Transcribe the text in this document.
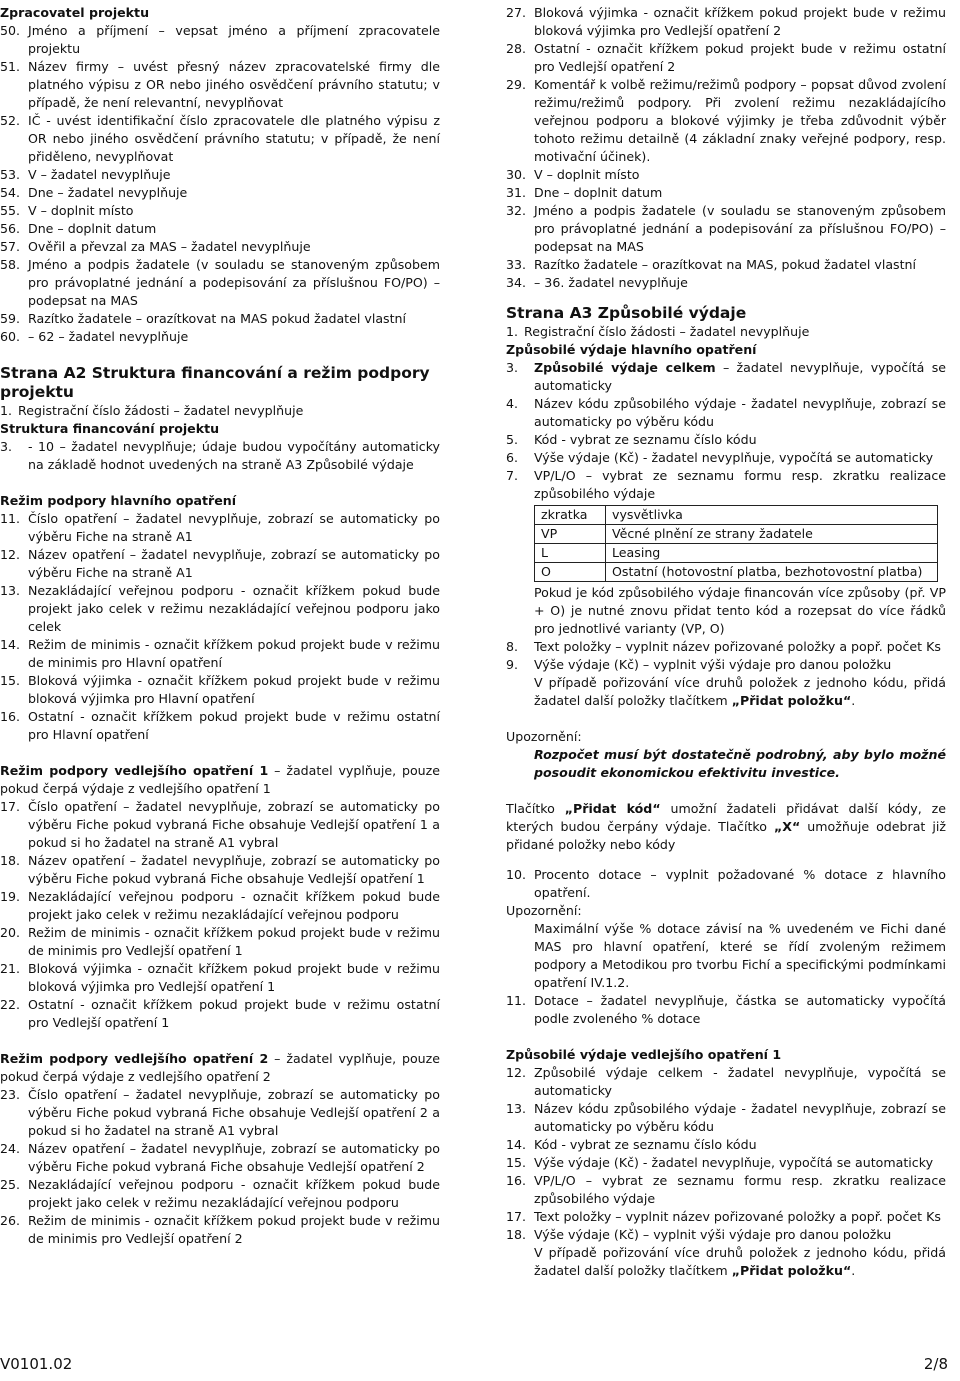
Zpracovatel projektu
50. Jméno a příjmení – vepsat jméno a příjmení zpracovatele projektu
51. Název firmy – uvést přesný název zpracovatelské firmy dle platného výpisu z OR nebo jiného osvědčení právního statutu; v případě, že není relevantní, nevyplňovat
52. IČ - uvést identifikační číslo zpracovatele dle platného výpisu z OR nebo jiného osvědčení právního statutu; v případě, že není přiděleno, nevyplňovat
53. V – žadatel nevyplňuje
54. Dne – žadatel nevyplňuje
55. V – doplnit místo
56. Dne – doplnit datum
57. Ověřil a převzal za MAS – žadatel nevyplňuje
58. Jméno a podpis žadatele (v souladu se stanoveným způsobem pro právoplatné jednání a podepisování za příslušnou FO/PO) – podepsat na MAS
59. Razítko žadatele – orazítkovat na MAS pokud žadatel vlastní
60. – 62 – žadatel nevyplňuje
Strana A2 Struktura financování a režim podpory projektu
1. Registrační číslo žádosti – žadatel nevyplňuje
Struktura financování projektu
3.	- 10 – žadatel nevyplňuje; údaje budou vypočítány automaticky na základě hodnot uvedených na straně A3 Způsobilé výdaje
Režim podpory hlavního opatření
11. Číslo opatření – žadatel nevyplňuje, zobrazí se automaticky po výběru Fiche na straně A1
12. Název opatření – žadatel nevyplňuje, zobrazí se automaticky po výběru Fiche na straně A1
13. Nezakládající veřejnou podporu - označit křížkem pokud bude projekt jako celek v režimu nezakládající veřejnou podporu jako celek
14. Režim de minimis - označit křížkem pokud projekt bude v režimu de minimis pro Hlavní opatření
15. Bloková výjimka - označit křížkem pokud projekt bude v režimu bloková výjimka pro Hlavní opatření
16. Ostatní - označit křížkem pokud projekt bude v režimu ostatní pro Hlavní opatření
Režim podpory vedlejšího opatření 1 – žadatel vyplňuje, pouze pokud čerpá výdaje z vedlejšího opatření 1
17. Číslo opatření – žadatel nevyplňuje, zobrazí se automaticky po výběru Fiche pokud vybraná Fiche obsahuje Vedlejší opatření 1 a pokud si ho žadatel na straně A1 vybral
18. Název opatření – žadatel nevyplňuje, zobrazí se automaticky po výběru Fiche pokud vybraná Fiche obsahuje Vedlejší opatření 1
19. Nezakládající veřejnou podporu - označit křížkem pokud bude projekt jako celek v režimu nezakládající veřejnou podporu
20. Režim de minimis - označit křížkem pokud projekt bude v režimu de minimis pro Vedlejší opatření 1
21. Bloková výjimka - označit křížkem pokud projekt bude v režimu bloková výjimka pro Vedlejší opatření 1
22. Ostatní - označit křížkem pokud projekt bude v režimu ostatní pro Vedlejší opatření 1
Režim podpory vedlejšího opatření 2 – žadatel vyplňuje, pouze pokud čerpá výdaje z vedlejšího opatření 2
23. Číslo opatření – žadatel nevyplňuje, zobrazí se automaticky po výběru Fiche pokud vybraná Fiche obsahuje Vedlejší opatření 2 a pokud si ho žadatel na straně A1 vybral
24. Název opatření – žadatel nevyplňuje, zobrazí se automaticky po výběru Fiche pokud vybraná Fiche obsahuje Vedlejší opatření 2
25. Nezakládající veřejnou podporu - označit křížkem pokud bude projekt jako celek v režimu nezakládající veřejnou podporu
26. Režim de minimis - označit křížkem pokud projekt bude v režimu de minimis pro Vedlejší opatření 2
27. Bloková výjimka - označit křížkem pokud projekt bude v režimu bloková výjimka pro Vedlejší opatření 2
28. Ostatní - označit křížkem pokud projekt bude v režimu ostatní pro Vedlejší opatření 2
29. Komentář k volbě režimu/režimů podpory – popsat důvod zvolení režimu/režimů podpory. Při zvolení režimu nezakládajícího veřejnou podporu a blokové výjimky je třeba zdůvodnit výběr tohoto režimu detailně (4 základní znaky veřejné podpory, resp. motivační účinek).
30. V – doplnit místo
31. Dne – doplnit datum
32. Jméno a podpis žadatele (v souladu se stanoveným způsobem pro právoplatné jednání a podepisování za příslušnou FO/PO) – podepsat na MAS
33. Razítko žadatele – orazítkovat na MAS, pokud žadatel vlastní
34. – 36. žadatel nevyplňuje
Strana A3 Způsobilé výdaje
1. Registrační číslo žádosti – žadatel nevyplňuje
Způsobilé výdaje hlavního opatření
3.	Způsobilé výdaje celkem – žadatel nevyplňuje, vypočítá se automaticky
4.	Název kódu způsobilého výdaje - žadatel nevyplňuje, zobrazí se automaticky po výběru kódu
5.	Kód - vybrat ze seznamu číslo kódu
6.	Výše výdaje (Kč) - žadatel nevyplňuje, vypočítá se automaticky
7.	VP/L/O – vybrat ze seznamu formu resp. zkratku realizace způsobilého výdaje
zkratka	vysvětlivka
VP	Věcné plnění ze strany žadatele
L	Leasing
O	Ostatní (hotovostní platba, bezhotovostní platba)
Pokud je kód způsobilého výdaje financován více způsoby (př. VP + O) je nutné znovu přidat tento kód a rozepsat do více řádků pro jednotlivé varianty (VP, O)
8.	Text položky – vyplnit název pořizované položky a popř. počet Ks
9.	Výše výdaje (Kč) – vyplnit výši výdaje pro danou položku
V případě pořizování více druhů položek z jednoho kódu, přidá žadatel další položky tlačítkem „Přidat položku“.
Upozornění:
Rozpočet musí být dostatečně podrobný, aby bylo možné posoudit ekonomickou efektivitu investice.
Tlačítko „Přidat kód“ umožní žadateli přidávat další kódy, ze kterých budou čerpány výdaje. Tlačítko „X“ umožňuje odebrat již přidané položky nebo kódy
10. Procento dotace – vyplnit požadované % dotace z hlavního opatření.
Upozornění:
Maximální výše % dotace závisí na % uvedeném ve Fichi dané MAS pro hlavní opatření, které se řídí zvoleným režimem podpory a Metodikou pro tvorbu Fichí a specifickými podmínkami opatření IV.1.2.
11. Dotace – žadatel nevyplňuje, částka se automaticky vypočítá podle zvoleného % dotace
Způsobilé výdaje vedlejšího opatření 1
12. Způsobilé výdaje celkem - žadatel nevyplňuje, vypočítá se automaticky
13. Název kódu způsobilého výdaje - žadatel nevyplňuje, zobrazí se automaticky po výběru kódu
14. Kód - vybrat ze seznamu číslo kódu
15. Výše výdaje (Kč) - žadatel nevyplňuje, vypočítá se automaticky
16. VP/L/O – vybrat ze seznamu formu resp. zkratku realizace způsobilého výdaje
17. Text položky – vyplnit název pořizované položky a popř. počet Ks
18. Výše výdaje (Kč) – vyplnit výši výdaje pro danou položku
V případě pořizování více druhů položek z jednoho kódu, přidá žadatel další položky tlačítkem „Přidat položku“.
V0101.02	2/8
